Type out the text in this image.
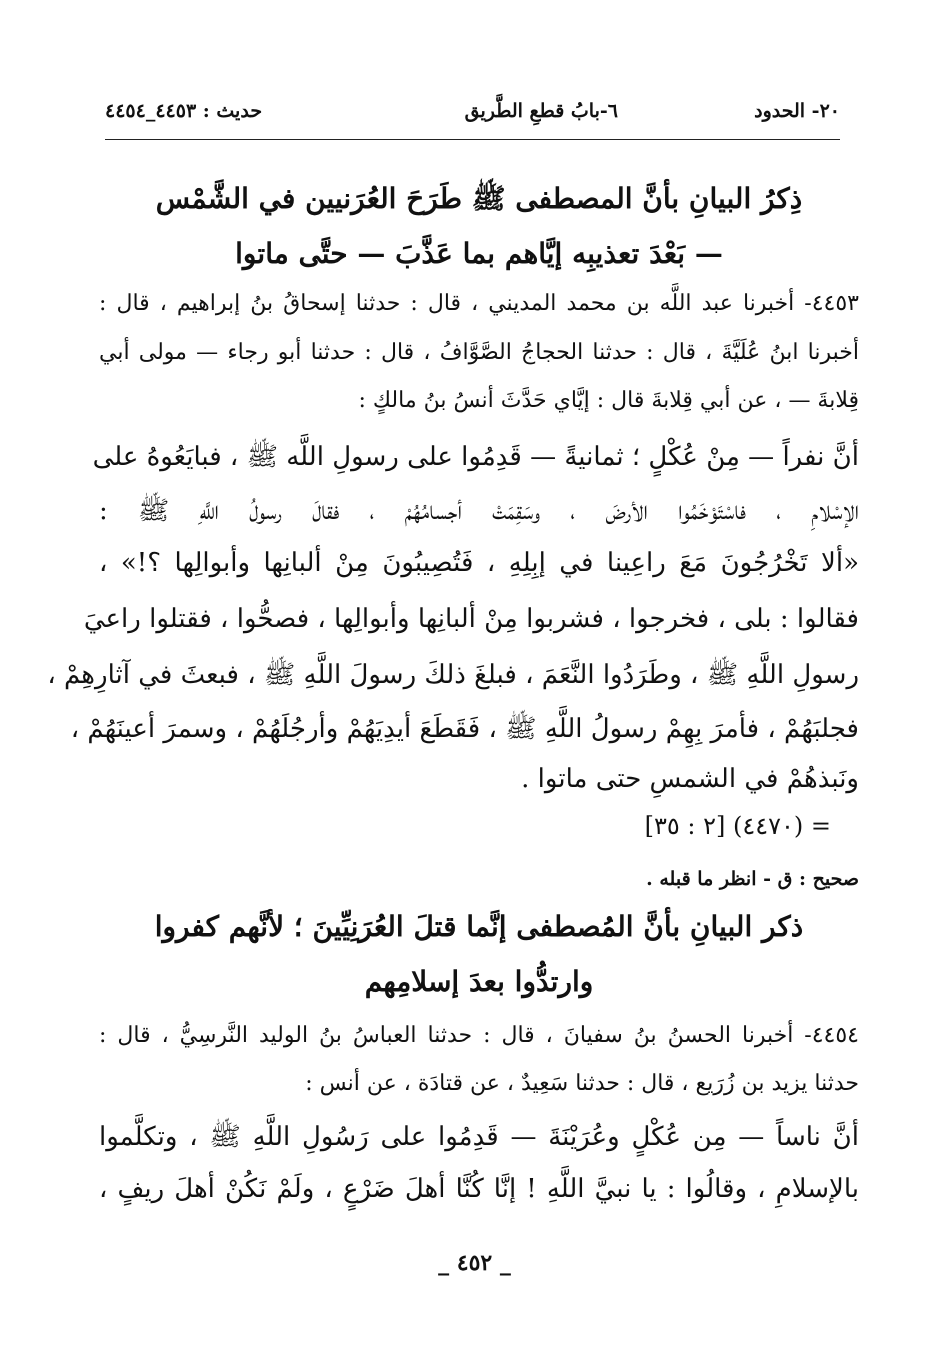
٢٠- الحدود
٦-بابُ قطعِ الطَّريق
حديث : ٤٤٥٣_٤٤٥٤
ذِكرُ البيانِ بأنَّ المصطفى ﷺ طَرَحَ العُرَنيين في الشَّمْس
— بَعْدَ تعذيبِه إيَّاهم بما عَذَّبَ — حتَّى ماتوا
٤٤٥٣- أخبرنا عبد اللَّه بن محمد المديني ، قال : حدثنا إسحاقُ بنُ إبراهيم ، قال :
أخبرنا ابنُ عُلَيَّةَ ، قال : حدثنا الحجاجُ الصَّوَّافُ ، قال : حدثنا أبو رجاء — مولى أبي
قِلابةَ — ، عن أبي قِلابةَ قال : إيَّاي حَدَّثَ أنسُ بنُ مالكٍ :
أنَّ نفراً — مِنْ عُكْلٍ ؛ ثمانيةً — قَدِمُوا على رسولِ اللَّه ﷺ ، فبايَعُوهُ على
الإسْلامِ ، فاسْتَوْخَمُوا الأرضَ ، وسَقِمَتْ أجسامُهُمْ ، فقالَ رسولُ اللَّهِ ﷺ :
«ألا تَخْرُجُونَ مَعَ راعِينا في إبِلِهِ ، فَتُصِيبُونَ مِنْ ألبانِها وأبوالِها ؟!» ،
فقالوا : بلى ، فخرجوا ، فشربوا مِنْ ألبانِها وأبوالِها ، فصحُّوا ، فقتلوا راعيَ
رسولِ اللَّهِ ﷺ ، وطَرَدُوا النَّعَمَ ، فبلغَ ذلكَ رسولَ اللَّهِ ﷺ ، فبعثَ في آثارِهِمْ ،
فجلبَهُمْ ، فأمرَ بِهِمْ رسولُ اللَّهِ ﷺ ، فَقَطَعَ أيدِيَهُمْ وأرجُلَهُمْ ، وسمرَ أعينَهُمْ ،
ونَبذهُمْ في الشمسِ حتى ماتوا .
= (٤٤٧٠) [٢ : ٣٥]
صحيح : ق - انظر ما قبله .
ذكر البيانِ بأنَّ المُصطفى إنَّما قتلَ العُرَنِيِّينَ ؛ لأنَّهم كفروا
وارتدُّوا بعدَ إسلامِهم
٤٤٥٤- أخبرنا الحسنُ بنُ سفيانَ ، قال : حدثنا العباسُ بنُ الوليد النَّرسِيُّ ، قال :
حدثنا يزيد بن زُرَيع ، قال : حدثنا سَعِيدٌ ، عن قتادَة ، عن أنس :
أنَّ ناساً — مِن عُكْلٍ وعُرَيْنَةَ — قَدِمُوا على رَسُولِ اللَّهِ ﷺ ، وتكلَّموا
بالإسلامِ ، وقالُوا : يا نبيَّ اللَّهِ ! إنَّا كُنَّا أهلَ ضَرْعٍ ، ولَمْ نَكُنْ أهلَ ريفٍ ،
_ ٤٥٢ _
